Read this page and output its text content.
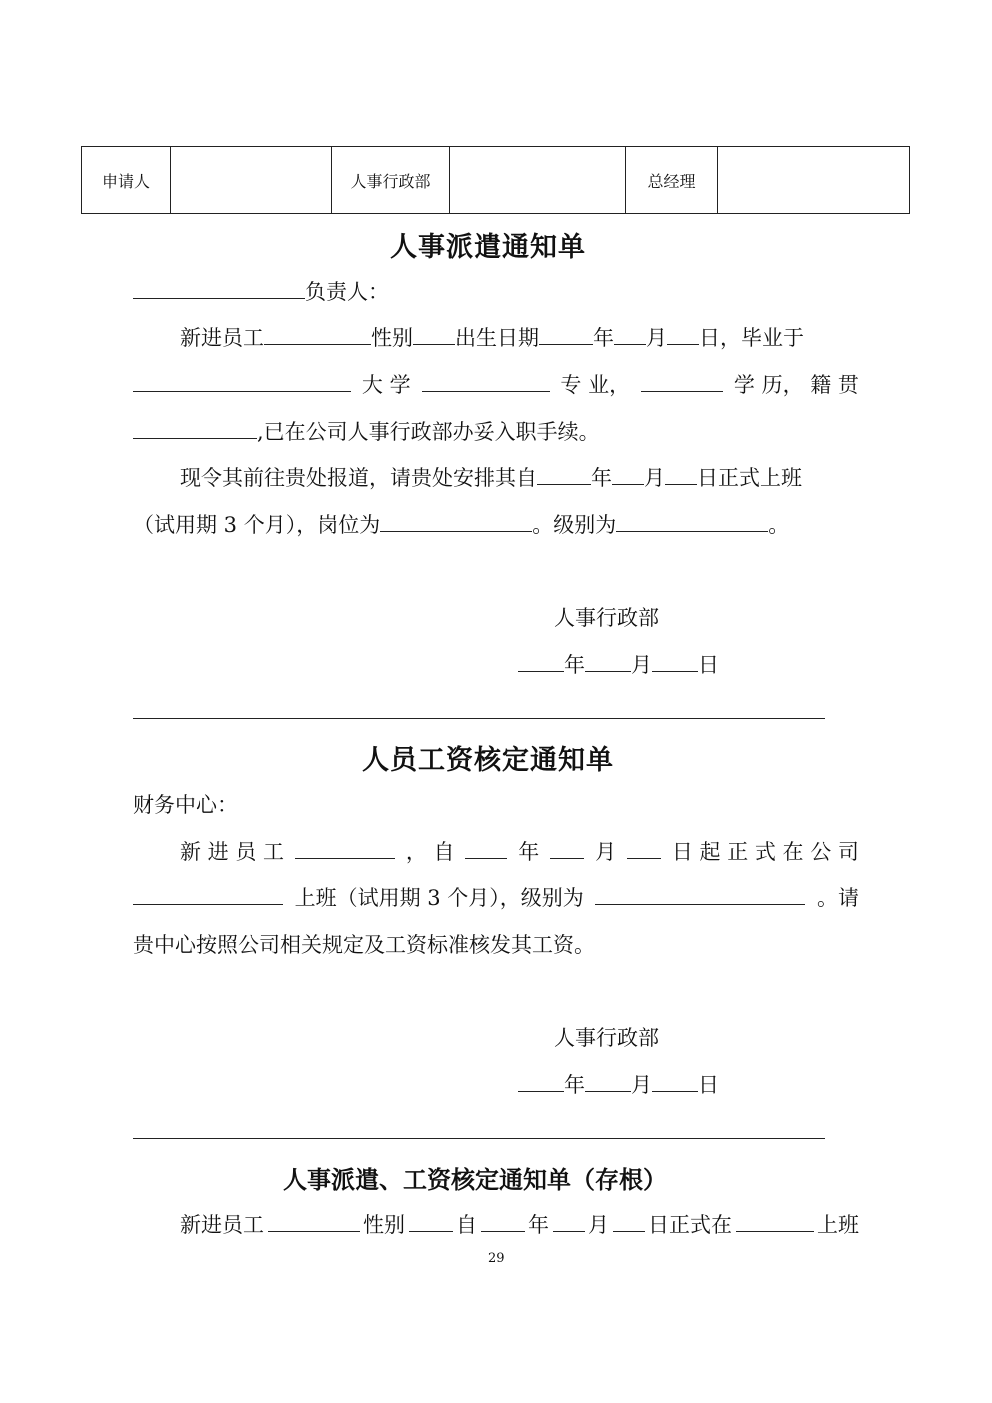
申请人		人事行政部		总经理	
人事派遣通知单
负责人：
新进员工	性别 出生日期	年 月 日，毕业于
大 学	专 业，	学 历， 籍 贯
,已在公司人事行政部办妥入职手续。
现令其前往贵处报道，请贵处安排其自	年 月 日正式上班
（试用期 3 个月），岗位为	。级别为	。
人事行政部
年 月 日
人员工资核定通知单
财务中心：
新 进 员 工	， 自	年	月	日 起 正 式 在 公 司
上班（试用期 3 个月），级别为	。请
贵中心按照公司相关规定及工资标准核发其工资。
人事行政部
年 月 日
人事派遣、工资核定通知单（存根）
新进员工	性别 自 年 月 日正式在	上班
29
